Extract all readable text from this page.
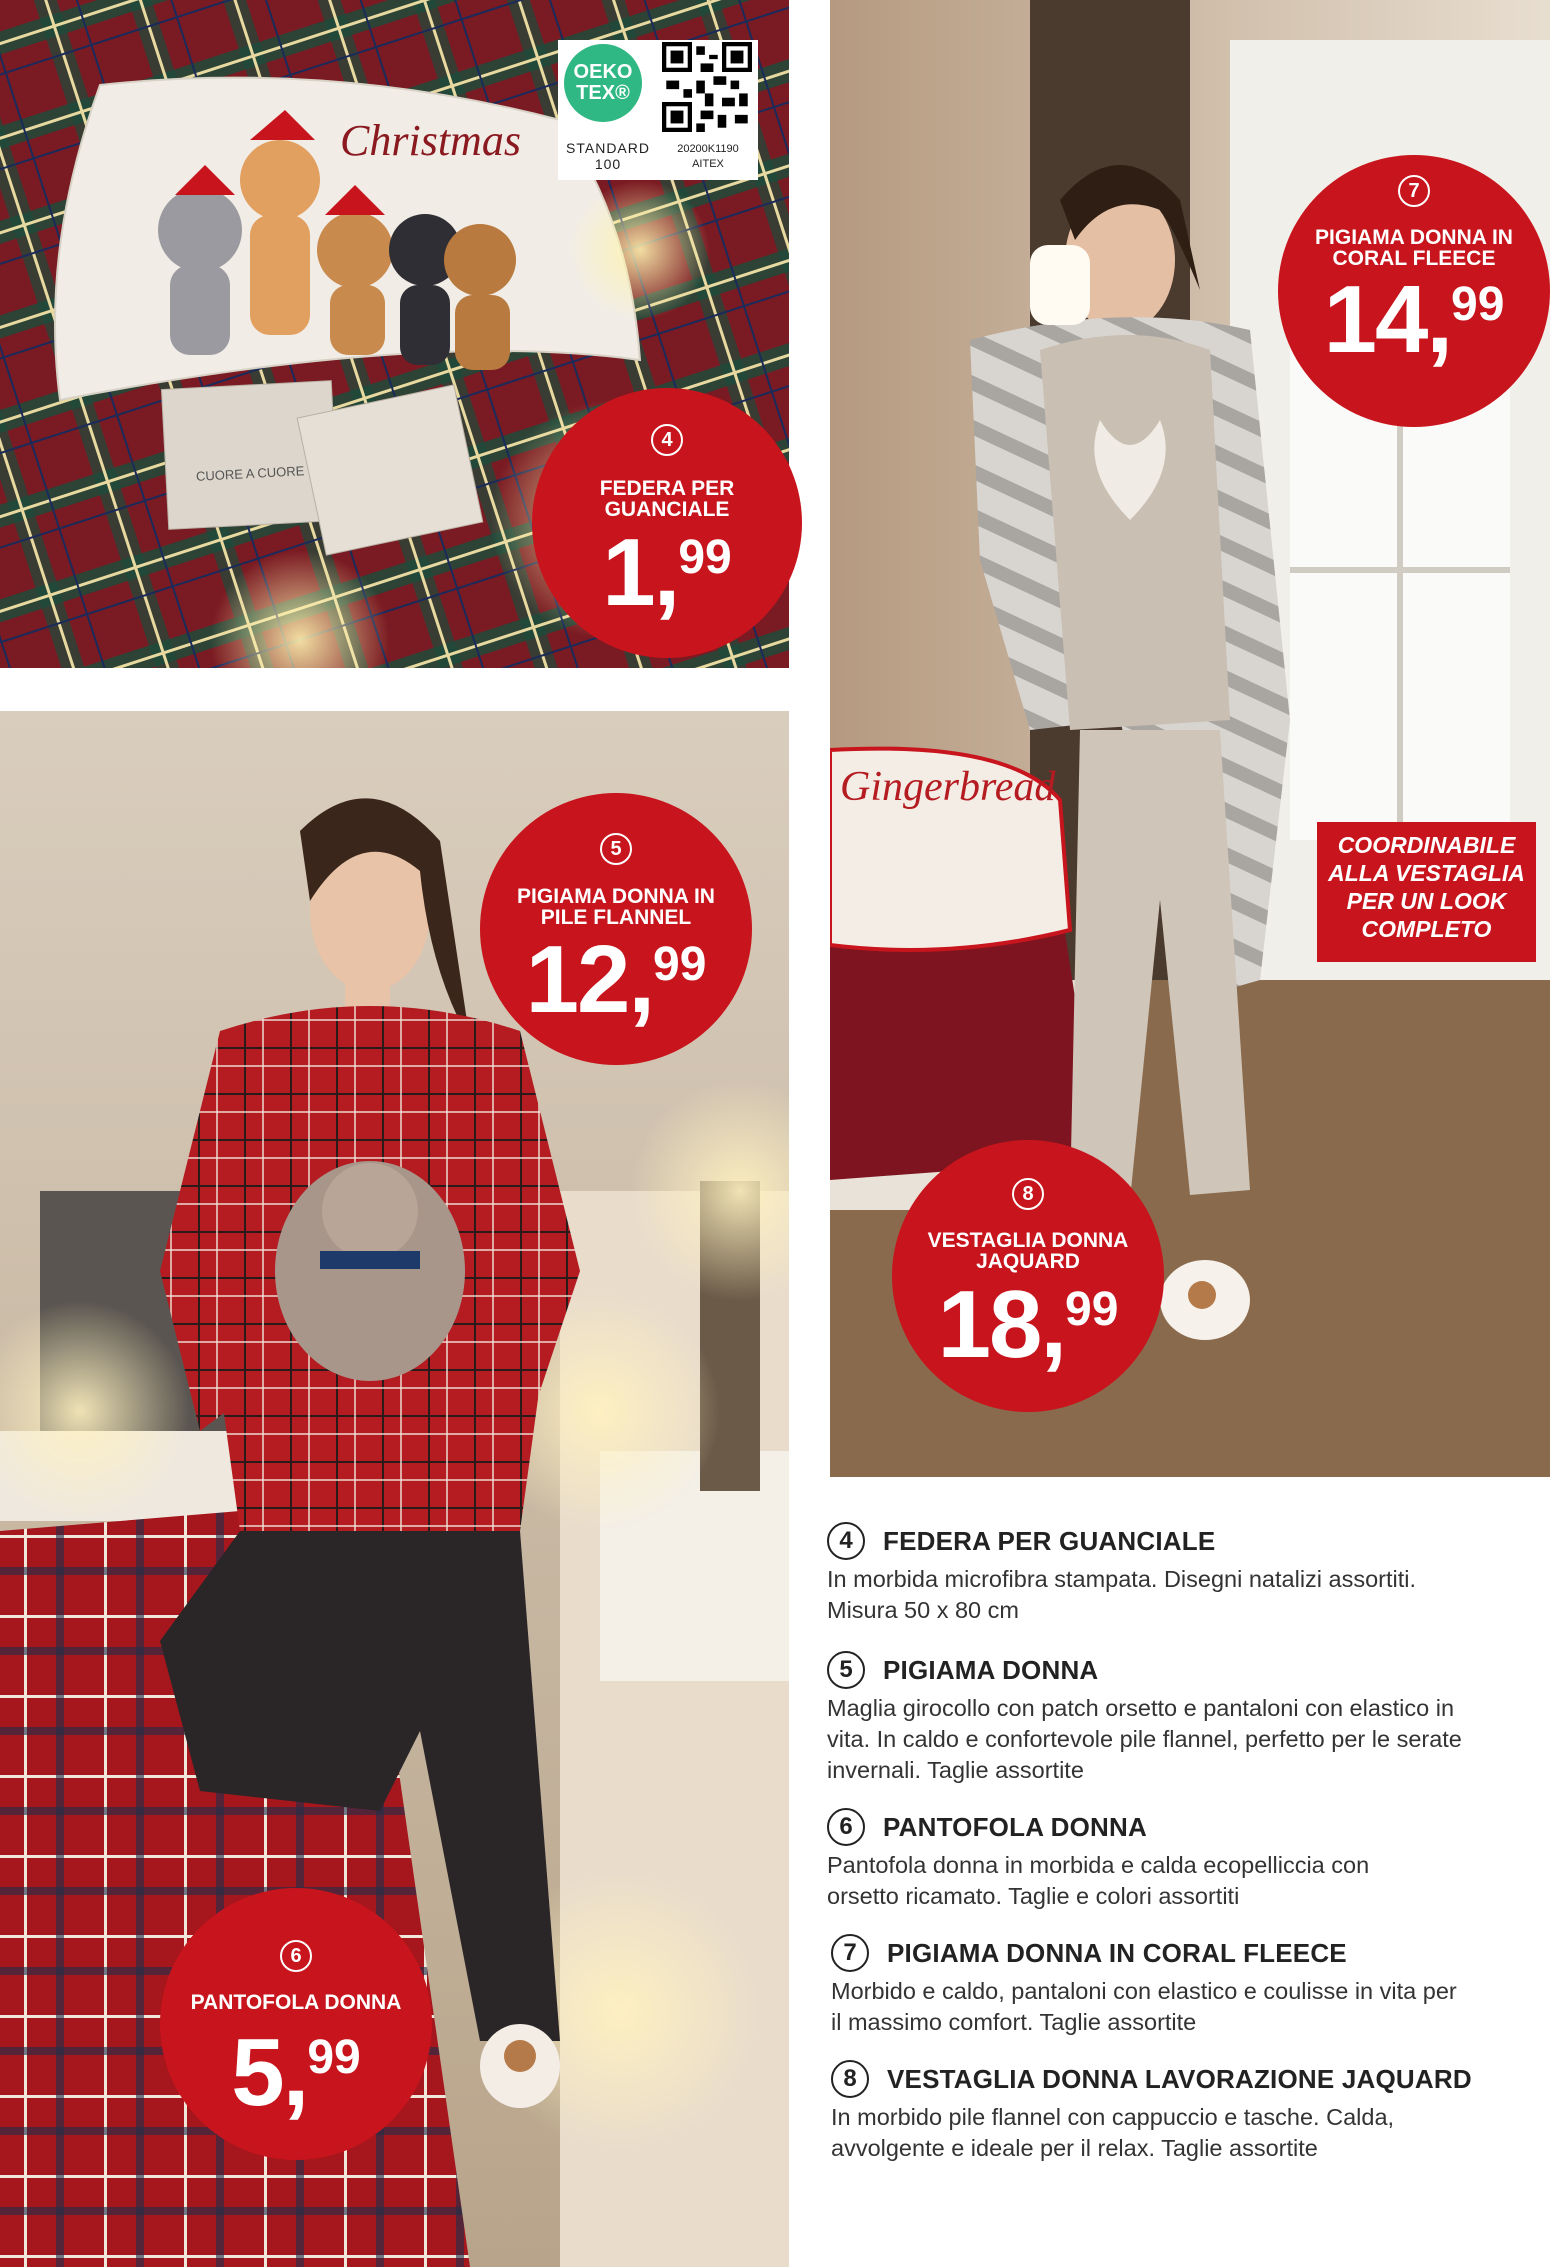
Christmas
CUORE A CUORE
OEKO
TEX®
STANDARD
100
20200K1190
AITEX
Gingerbread
4
FEDERA PER GUANCIALE
1,99
5
PIGIAMA DONNA IN PILE FLANNEL
12,99
6
PANTOFOLA DONNA
5,99
7
PIGIAMA DONNA IN CORAL FLEECE
14,99
8
VESTAGLIA DONNA JAQUARD
18,99
COORDINABILE ALLA VESTAGLIA PER UN LOOK COMPLETO
4	FEDERA PER GUANCIALE
In morbida microfibra stampata. Disegni natalizi assortiti. Misura 50 x 80 cm
5	PIGIAMA DONNA
Maglia girocollo con patch orsetto e pantaloni con elastico in vita. In caldo e confortevole pile flannel, perfetto per le serate invernali. Taglie assortite
6	PANTOFOLA DONNA
Pantofola donna in morbida e calda ecopelliccia con orsetto ricamato. Taglie e colori assortiti
7	PIGIAMA DONNA IN CORAL FLEECE
Morbido e caldo, pantaloni con elastico e coulisse in vita per il massimo comfort. Taglie assortite
8	VESTAGLIA DONNA LAVORAZIONE JAQUARD
In morbido pile flannel con cappuccio e tasche. Calda, avvolgente e ideale per il relax. Taglie assortite
